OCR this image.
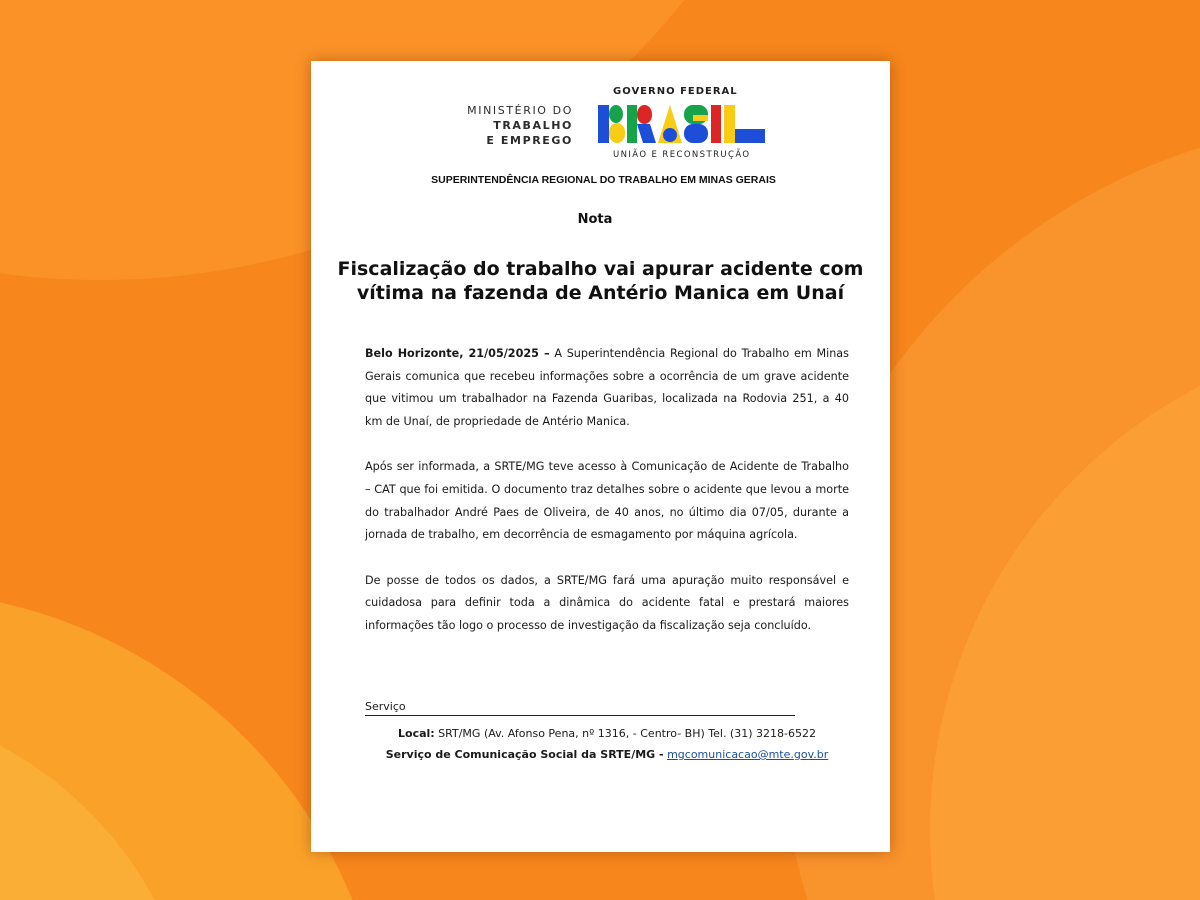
MINISTÉRIO DO
TRABALHO
E EMPREGO
GOVERNO FEDERAL
UNIÃO E RECONSTRUÇÃO
SUPERINTENDÊNCIA REGIONAL DO TRABALHO EM MINAS GERAIS
Nota
Fiscalização do trabalho vai apurar acidente com
vítima na fazenda de Antério Manica em Unaí

Belo Horizonte, 21/05/2025 – A Superintendência Regional do Trabalho em Minas Gerais comunica que recebeu informações sobre a ocorrência de um grave acidente que vitimou um trabalhador na Fazenda Guaribas, localizada na Rodovia 251, a 40 km de Unaí, de propriedade de Antério Manica.

Após ser informada, a SRTE/MG teve acesso à Comunicação de Acidente de Trabalho – CAT que foi emitida. O documento traz detalhes sobre o acidente que levou a morte do trabalhador André Paes de Oliveira, de 40 anos, no último dia 07/05, durante a jornada de trabalho, em decorrência de esmagamento por máquina agrícola.

De posse de todos os dados, a SRTE/MG fará uma apuração muito responsável e cuidadosa para definir toda a dinâmica do acidente fatal e prestará maiores informações tão logo o processo de investigação da fiscalização seja concluído.

Serviço
Local: SRT/MG (Av. Afonso Pena, nº 1316, - Centro- BH) Tel. (31) 3218-6522
Serviço de Comunicação Social da SRTE/MG - mgcomunicacao@mte.gov.br
